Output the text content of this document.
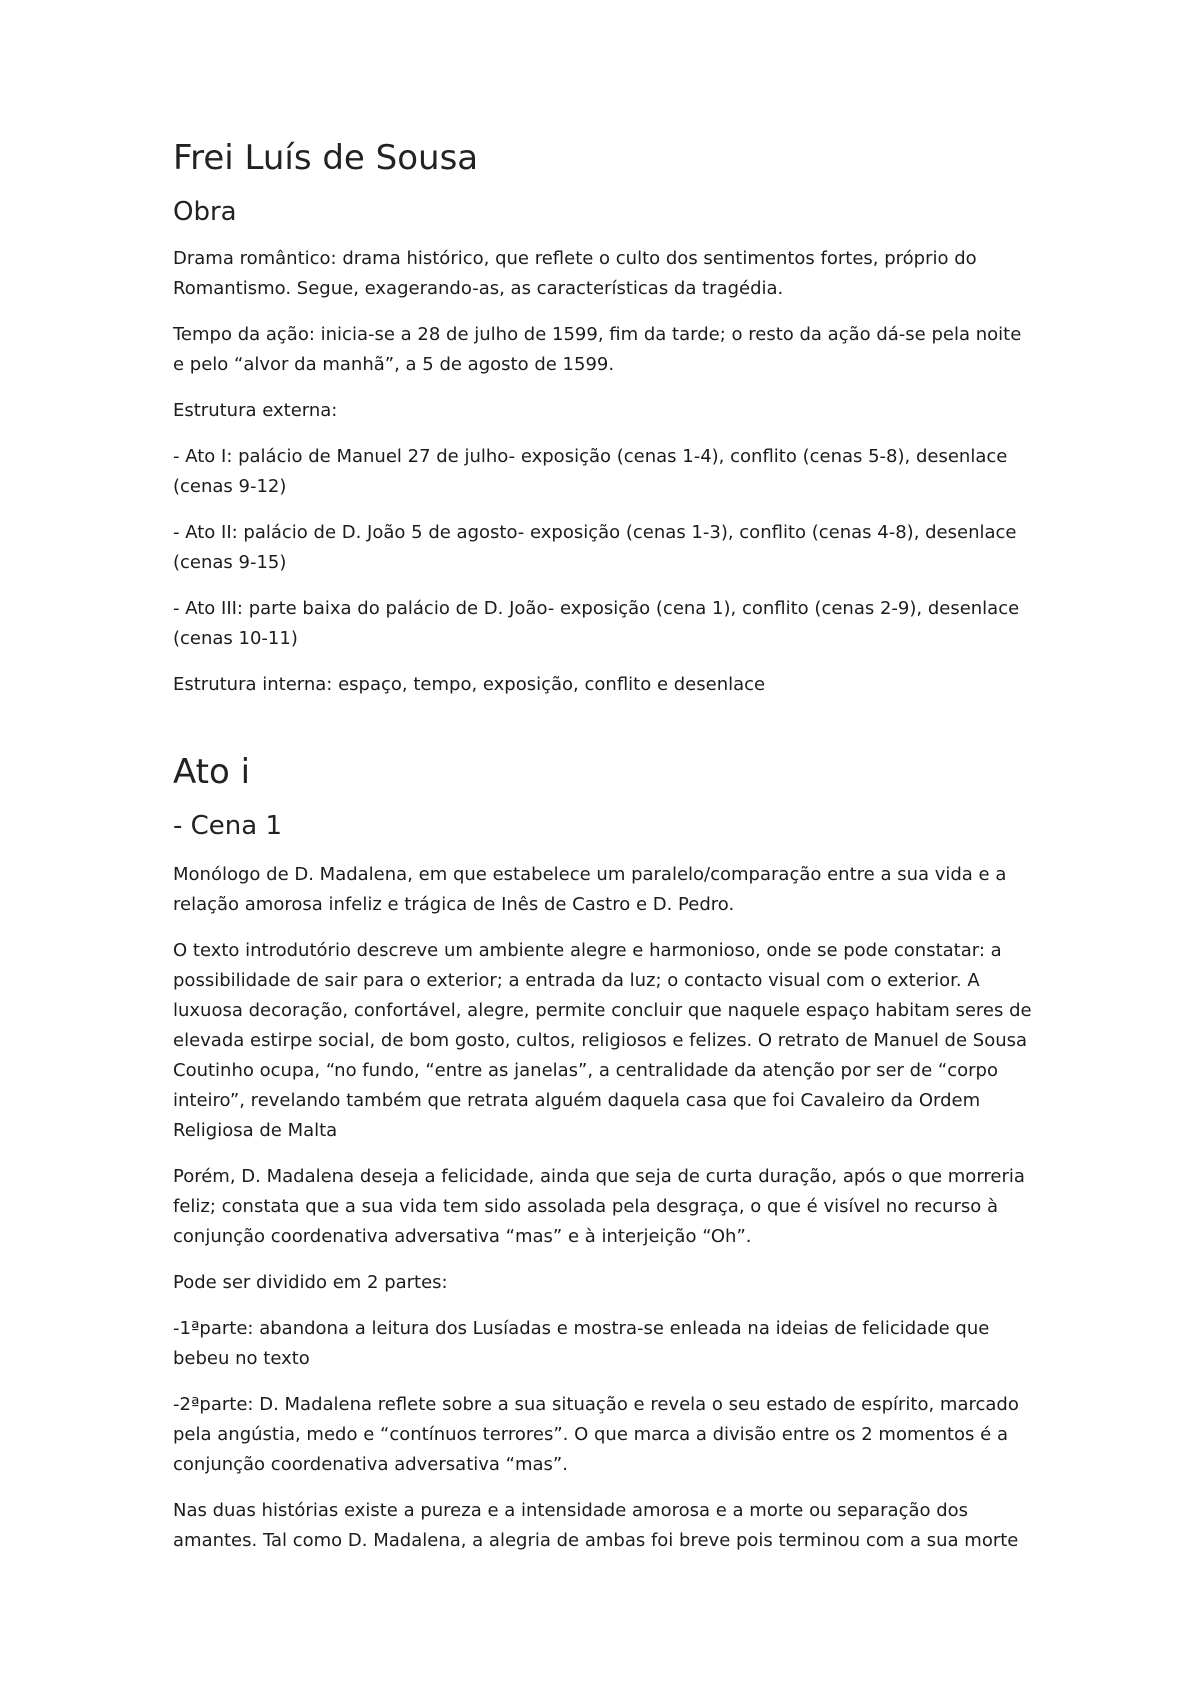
Frei Luís de Sousa
Obra

Drama romântico: drama histórico, que reflete o culto dos sentimentos fortes, próprio do Romantismo. Segue, exagerando-as, as características da tragédia.

Tempo da ação: inicia-se a 28 de julho de 1599, fim da tarde; o resto da ação dá-se pela noite e pelo “alvor da manhã”, a 5 de agosto de 1599.

Estrutura externa:

- Ato I: palácio de Manuel 27 de julho- exposição (cenas 1-4), conflito (cenas 5-8), desenlace (cenas 9-12)

- Ato II: palácio de D. João 5 de agosto- exposição (cenas 1-3), conflito (cenas 4-8), desenlace (cenas 9-15)

- Ato III: parte baixa do palácio de D. João- exposição (cena 1), conflito (cenas 2-9), desenlace (cenas 10-11)

Estrutura interna: espaço, tempo, exposição, conflito e desenlace

Ato i
- Cena 1

Monólogo de D. Madalena, em que estabelece um paralelo/comparação entre a sua vida e a relação amorosa infeliz e trágica de Inês de Castro e D. Pedro.

O texto introdutório descreve um ambiente alegre e harmonioso, onde se pode constatar: a possibilidade de sair para o exterior; a entrada da luz; o contacto visual com o exterior. A luxuosa decoração, confortável, alegre, permite concluir que naquele espaço habitam seres de elevada estirpe social, de bom gosto, cultos, religiosos e felizes. O retrato de Manuel de Sousa Coutinho ocupa, “no fundo, “entre as janelas”, a centralidade da atenção por ser de “corpo inteiro”, revelando também que retrata alguém daquela casa que foi Cavaleiro da Ordem Religiosa de Malta

Porém, D. Madalena deseja a felicidade, ainda que seja de curta duração, após o que morreria feliz; constata que a sua vida tem sido assolada pela desgraça, o que é visível no recurso à conjunção coordenativa adversativa “mas” e à interjeição “Oh”.

Pode ser dividido em 2 partes:

-1ªparte: abandona a leitura dos Lusíadas e mostra-se enleada na ideias de felicidade que bebeu no texto

-2ªparte: D. Madalena reflete sobre a sua situação e revela o seu estado de espírito, marcado pela angústia, medo e “contínuos terrores”. O que marca a divisão entre os 2 momentos é a conjunção coordenativa adversativa “mas”.

Nas duas histórias existe a pureza e a intensidade amorosa e a morte ou separação dos amantes. Tal como D. Madalena, a alegria de ambas foi breve pois terminou com a sua morte
